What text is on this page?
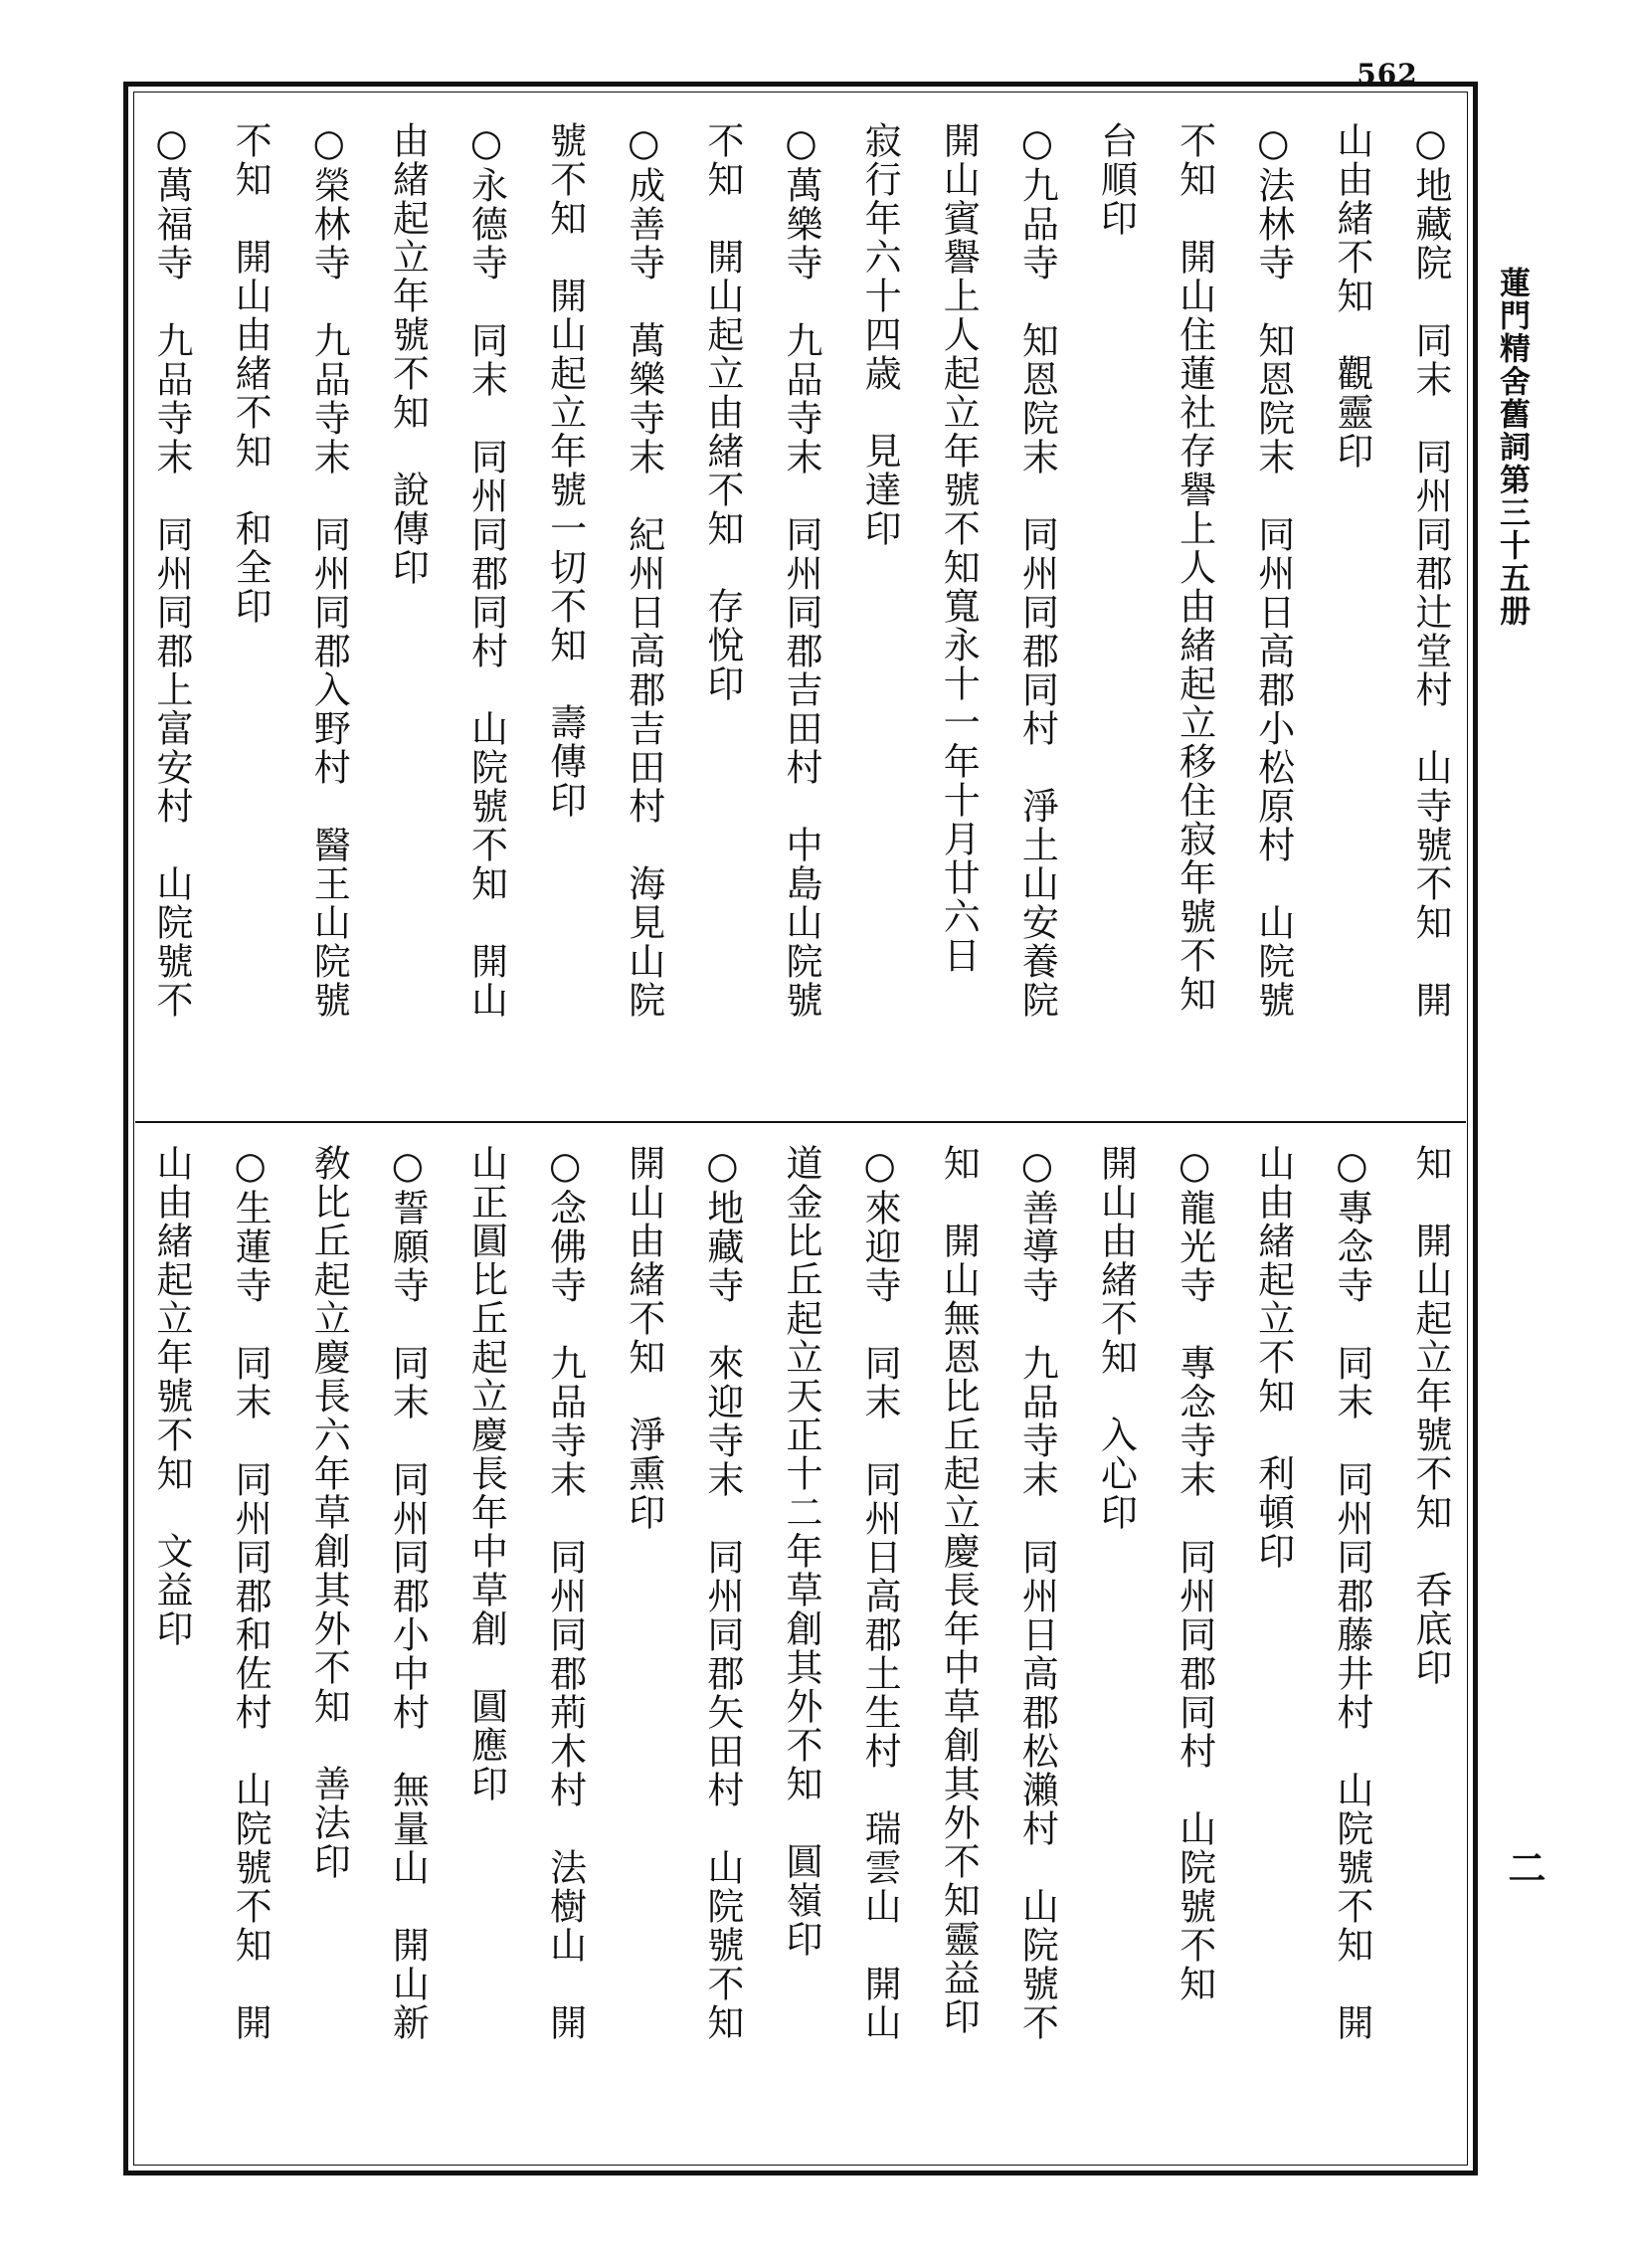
562
○地藏院　同末　同州同郡辻堂村　山寺號不知　開
山由緒不知　觀靈印
○法林寺　知恩院末　同州日高郡小松原村　山院號
不知　開山住蓮社存譽上人由緒起立移住寂年號不知
台順印
○九品寺　知恩院末　同州同郡同村　淨土山安養院
開山賓譽上人起立年號不知寬永十一年十月廿六日
寂行年六十四歳　見達印
○萬樂寺　九品寺末　同州同郡吉田村　中島山院號
不知　開山起立由緒不知　存悅印
○成善寺　萬樂寺末　紀州日高郡吉田村　海見山院
號不知　開山起立年號一切不知　壽傳印
○永德寺　同末　同州同郡同村　山院號不知　開山
由緒起立年號不知　說傳印
○榮林寺　九品寺末　同州同郡入野村　醫王山院號
不知　開山由緒不知　和全印
○萬福寺　九品寺末　同州同郡上富安村　山院號不
知　開山起立年號不知　呑底印
○專念寺　同末　同州同郡藤井村　山院號不知　開
山由緒起立不知　利頓印
○龍光寺　專念寺末　同州同郡同村　山院號不知
開山由緒不知　入心印
○善導寺　九品寺末　同州日高郡松瀨村　山院號不
知　開山無恩比丘起立慶長年中草創其外不知靈益印
○來迎寺　同末　同州日高郡土生村　瑞雲山　開山
道金比丘起立天正十二年草創其外不知　圓嶺印
○地藏寺　來迎寺末　同州同郡矢田村　山院號不知
開山由緒不知　淨熏印
○念佛寺　九品寺末　同州同郡荊木村　法樹山　開
山正圓比丘起立慶長年中草創　圓應印
○誓願寺　同末　同州同郡小中村　無量山　開山新
敎比丘起立慶長六年草創其外不知　善法印
○生蓮寺　同末　同州同郡和佐村　山院號不知　開
山由緒起立年號不知　文益印
蓮門精舍舊詞第三十五册
二
